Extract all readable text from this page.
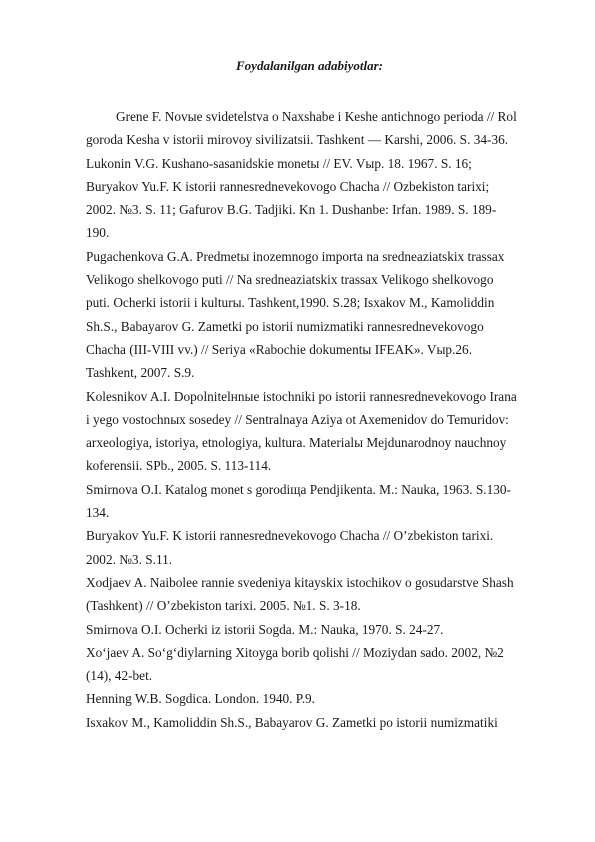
Foydalanilgan adabiyotlar:
Grene F. Novыe svidetelstva o Naxshabe i Keshe antichnogo perioda // Rol
goroda Kesha v istorii mirovoy sivilizatsii. Tashkent — Karshi, 2006. S. 34-36.
Lukonin V.G. Kushano-sasanidskie monetы // EV. Vыp. 18. 1967. S. 16;
Buryakov Yu.F. K istorii rannesrednevekovogo Chacha // Ozbekiston tarixi;
2002. №3. S. 11; Gafurov B.G. Tadjiki. Kn 1. Dushanbe: Irfan. 1989. S. 189-
190.
Pugachenkova G.A. Predmetы inozemnogo importa na sredneaziatskix trassax
Velikogo shelkovogo puti // Na sredneaziatskix trassax Velikogo shelkovogo
puti. Ocherki istorii i kulturы. Tashkent,1990. S.28; Isxakov M., Kamoliddin
Sh.S., Babayarov G. Zametki po istorii numizmatiki rannesrednevekovogo
Chacha (III-VIII vv.) // Seriya «Rabochie dokumentы IFEAK». Vыp.26.
Tashkent, 2007. S.9.
Kolesnikov A.I. Dopolnitelнnыe istochniki po istorii rannesrednevekovogo Irana
i yego vostochnыx sosedey // Sentralnaya Aziya ot Axemenidov do Temuridov:
arxeologiya, istoriya, etnologiya, kultura. Materialы Mejdunarodnoy nauchnoy
koferensii. SPb., 2005. S. 113-114.
Smirnova O.I. Katalog monet s gorodiщa Pendjikenta. M.: Nauka, 1963. S.130-
134.
Buryakov Yu.F. K istorii rannesrednevekovogo Chacha // O’zbekiston tarixi.
2002. №3. S.11.
Xodjaev A. Naibolee rannie svedeniya kitayskix istochikov o gosudarstve Shash
(Tashkent) // O’zbekiston tarixi. 2005. №1. S. 3-18.
Smirnova O.I. Ocherki iz istorii Sogda. M.: Nauka, 1970. S. 24-27.
Xo‘jaev A. So‘g‘diylarning Xitoyga borib qolishi // Moziydan sado. 2002, №2
(14), 42-bet.
Henning W.B. Sogdica. London. 1940. P.9.
Isxakov M., Kamoliddin Sh.S., Babayarov G. Zametki po istorii numizmatiki
